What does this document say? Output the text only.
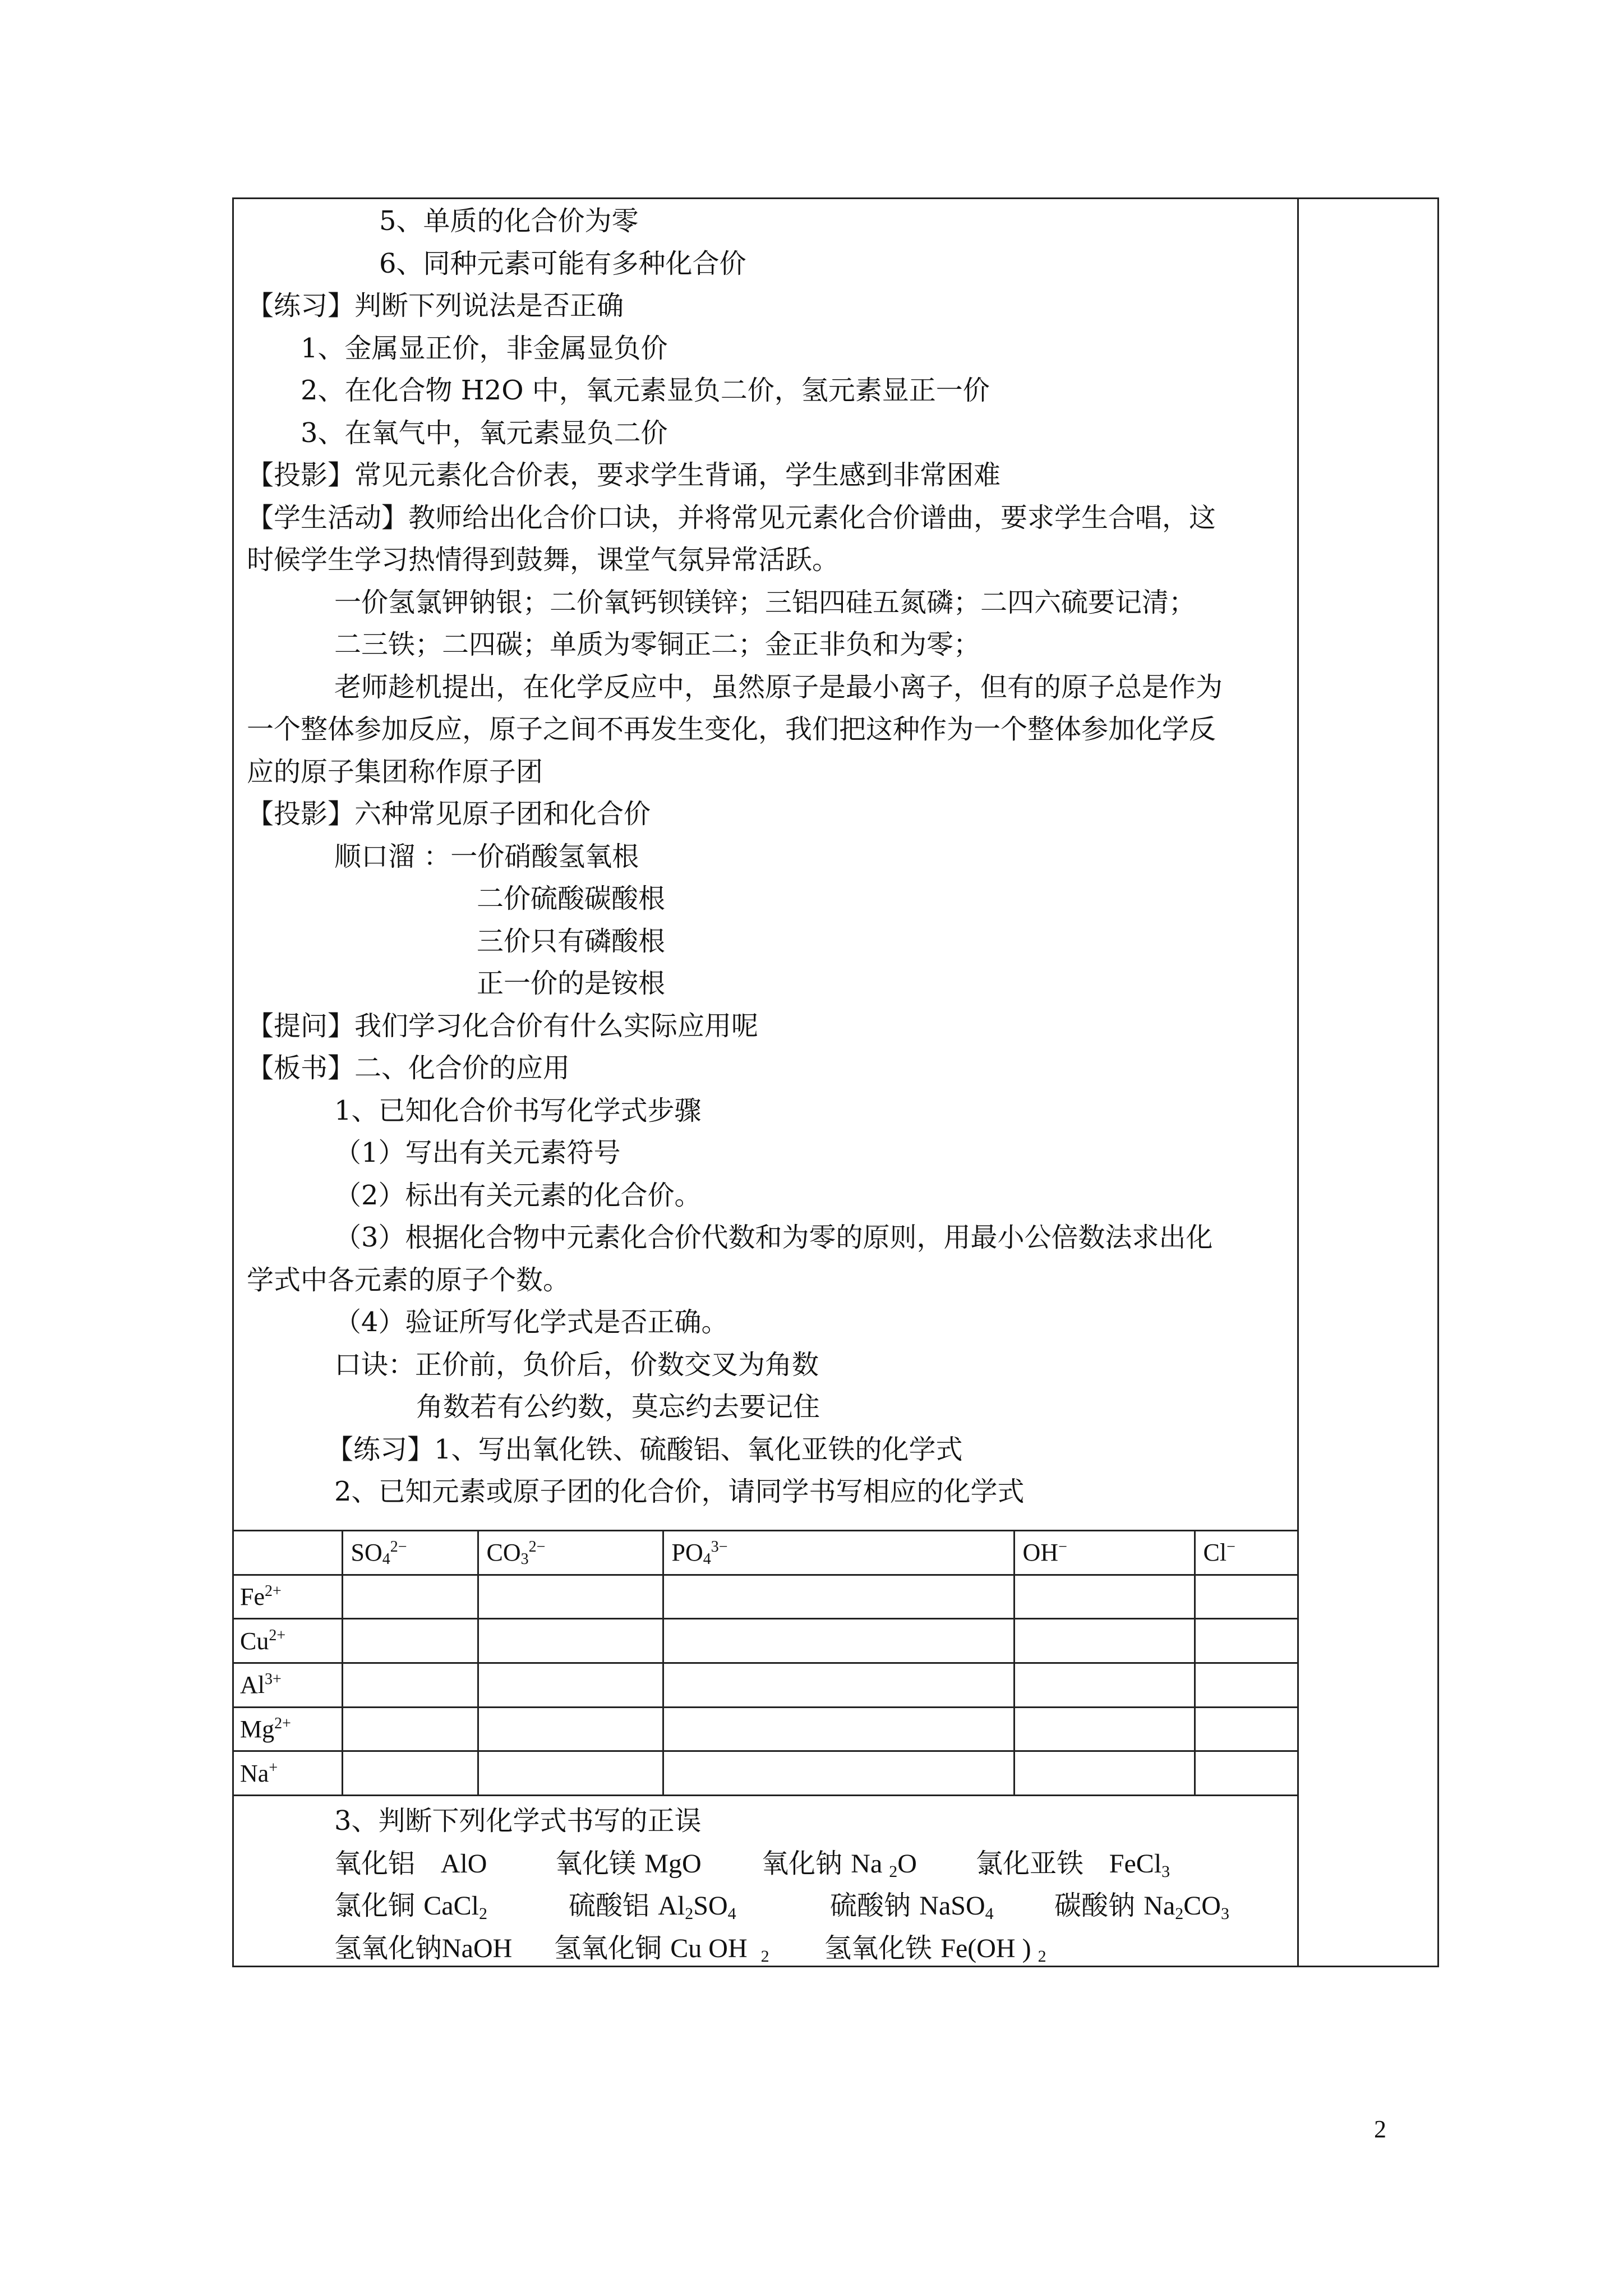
5、单质的化合价为零
6、同种元素可能有多种化合价
【练习】判断下列说法是否正确
1、金属显正价，非金属显负价
2、在化合物 H2O 中，氧元素显负二价，氢元素显正一价
3、在氧气中，氧元素显负二价
【投影】常见元素化合价表，要求学生背诵，学生感到非常困难
【学生活动】教师给出化合价口诀，并将常见元素化合价谱曲，要求学生合唱，这
时候学生学习热情得到鼓舞，课堂气氛异常活跃。
一价氢氯钾钠银；二价氧钙钡镁锌；三铝四硅五氮磷；二四六硫要记清；
二三铁；二四碳；单质为零铜正二；金正非负和为零；
老师趁机提出，在化学反应中，虽然原子是最小离子，但有的原子总是作为
一个整体参加反应，原子之间不再发生变化，我们把这种作为一个整体参加化学反
应的原子集团称作原子团
【投影】六种常见原子团和化合价
顺口溜 ：一价硝酸氢氧根
二价硫酸碳酸根
三价只有磷酸根
正一价的是铵根
【提问】我们学习化合价有什么实际应用呢
【板书】二、化合价的应用
1、已知化合价书写化学式步骤
（1）写出有关元素符号
（2）标出有关元素的化合价。
（3）根据化合物中元素化合价代数和为零的原则，用最小公倍数法求出化
学式中各元素的原子个数。
（4）验证所写化学式是否正确。
口诀：正价前，负价后，价数交叉为角数
角数若有公约数，莫忘约去要记住
【练习】1、写出氧化铁、硫酸铝、氧化亚铁的化学式
2、已知元素或原子团的化合价，请同学书写相应的化学式
	$SO_4^{2-}$	$CO_3^{2-}$	$PO_4^{3-}$	OH−	Cl−
$Fe^{2+}$					
$Cu^{2+}$					
$Al^{3+}$					
$Mg^{2+}$					
Na+					
3、判断下列化学式书写的正误
氧化铝 AlO	氧化镁 MgO 氧化钠 Na $_2$O 氯化亚铁 FeCl$_3$
氯化铜 CaCl$_2$	硫酸铝 $Al_2SO_4$	硫酸钠 NaSO$_4$ 碳酸钠 $Na_2CO_3$
氢氧化钠NaOH 氢氧化铜 Cu OH $_2$ 氢氧化铁 Fe(OH ) $_2$
2
